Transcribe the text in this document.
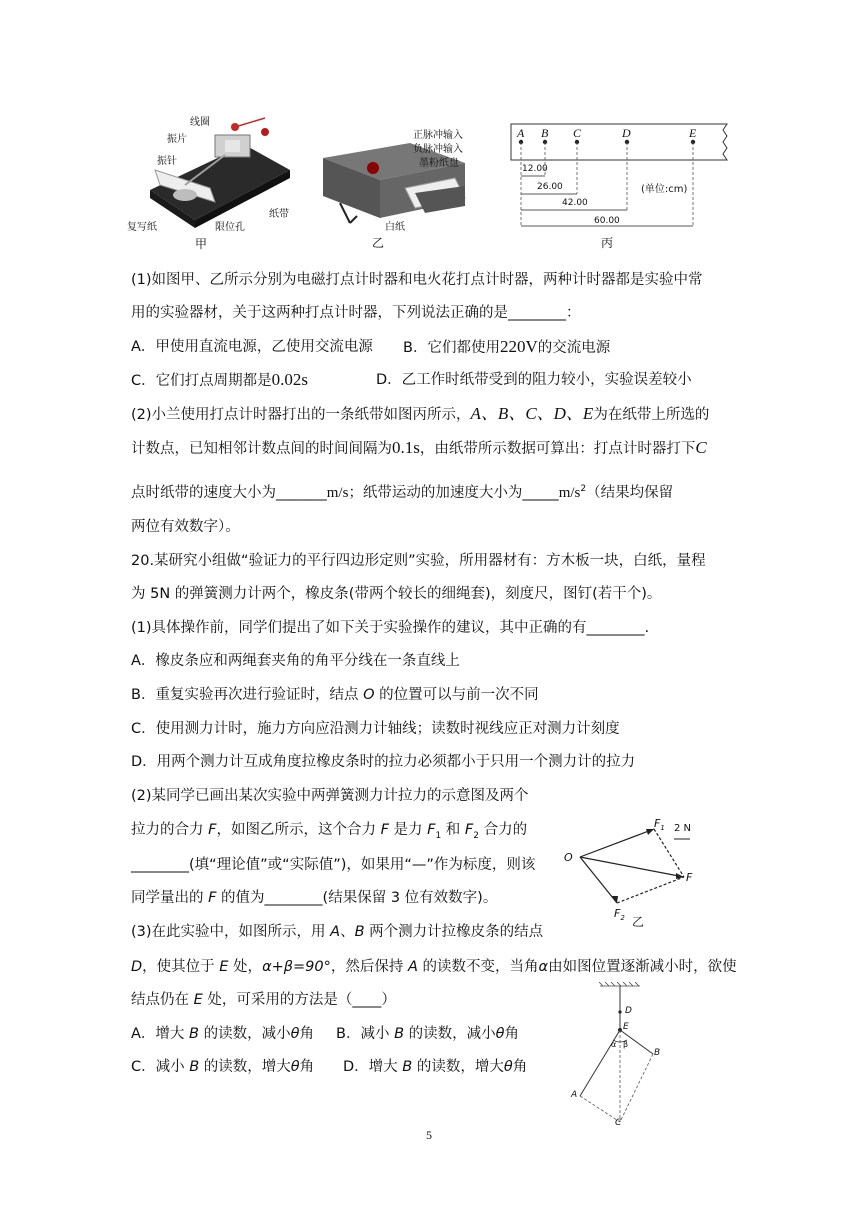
线圈
振片
振针
纸带
复写纸	限位孔
甲
正脉冲输入
负脉冲输入
墨粉纸盘
白纸
乙
A B C	D	E
12.00
26.00
42.00
60.00
(单位:cm)
丙
(1)如图甲、乙所示分别为电磁打点计时器和电火花打点计时器，两种计时器都是实验中常
用的实验器材，关于这两种打点计时器，下列说法正确的是________：
A．甲使用直流电源，乙使用交流电源 B．它们都使用220V的交流电源
C．它们打点周期都是0.02s	D．乙工作时纸带受到的阻力较小，实验误差较小
(2)小兰使用打点计时器打出的一条纸带如图丙所示，A、B、C、D、E为在纸带上所选的
计数点，已知相邻计数点间的时间间隔为0.1s，由纸带所示数据可算出：打点计时器打下C
点时纸带的速度大小为_______m/s；纸带运动的加速度大小为$\_\_\_\_\_m/s^2$（结果均保留
两位有效数字）。
20.某研究小组做“验证力的平行四边形定则”实验，所用器材有：方木板一块，白纸，量程
为 5N 的弹簧测力计两个，橡皮条(带两个较长的细绳套)，刻度尺，图钉(若干个)。
(1)具体操作前，同学们提出了如下关于实验操作的建议，其中正确的有________.
A．橡皮条应和两绳套夹角的角平分线在一条直线上
B．重复实验再次进行验证时，结点 O 的位置可以与前一次不同
C．使用测力计时，施力方向应沿测力计轴线；读数时视线应正对测力计刻度
D．用两个测力计互成角度拉橡皮条时的拉力必须都小于只用一个测力计的拉力
(2)某同学已画出某次实验中两弹簧测力计拉力的示意图及两个
拉力的合力 F，如图乙所示，这个合力 F 是力 $F_1$ 和 $F_2$ 合力的
________(填“理论值”或“实际值”)，如果用“—”作为标度，则该
同学量出的 F 的值为________(结果保留 3 位有效数字)。
O
$F_1$ 2 N
F
$F_2$ 乙
(3)在此实验中，如图所示，用 A、B 两个测力计拉橡皮条的结点
D，使其位于 E 处，α+β=90°，然后保持 A 的读数不变，当角α由如图位置逐渐减小时，欲使
结点仍在 E 处，可采用的方法是（____）
A．增大 B 的读数，减小θ角 B．减小 B 的读数，减小θ角
C．减小 B 的读数，增大θ角 D．增大 B 的读数，增大θ角
D
E
α β
B
A
C
5
